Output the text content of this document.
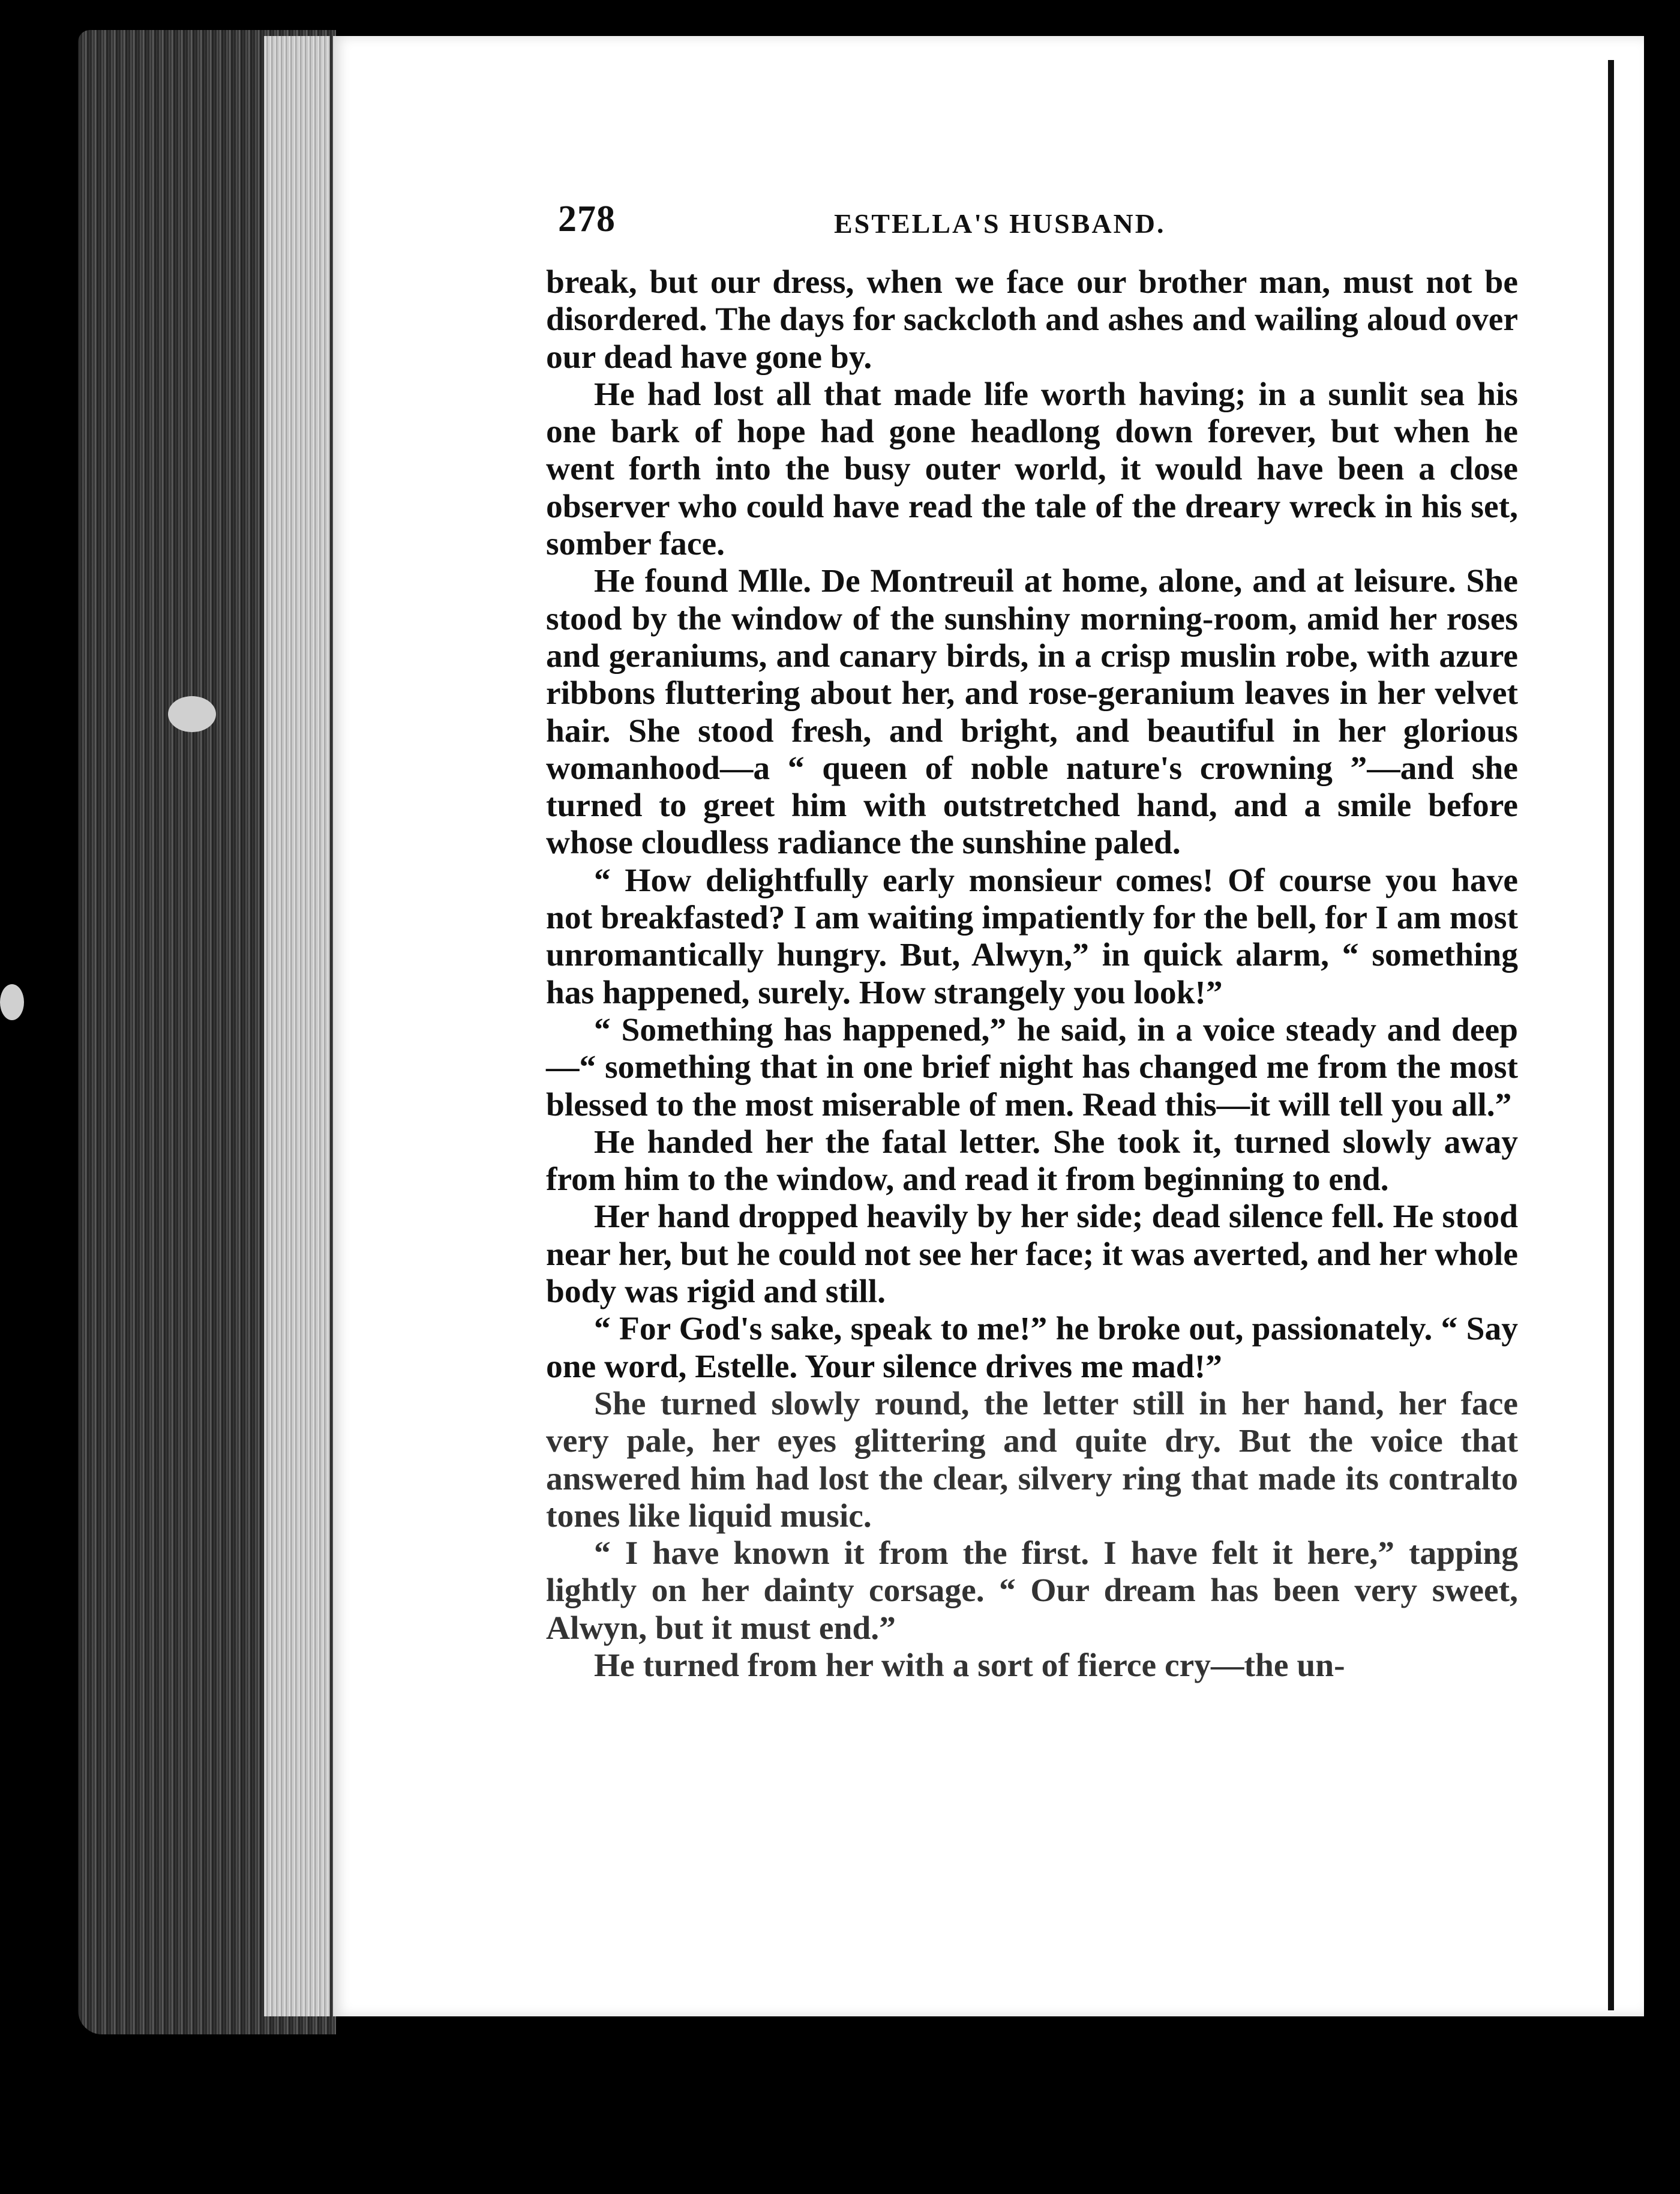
278	ESTELLA'S HUSBAND.

break, but our dress, when we face our brother man, must not be disordered. The days for sackcloth and ashes and wailing aloud over our dead have gone by.

He had lost all that made life worth having; in a sunlit sea his one bark of hope had gone headlong down forever, but when he went forth into the busy outer world, it would have been a close observer who could have read the tale of the dreary wreck in his set, somber face.

He found Mlle. De Montreuil at home, alone, and at leisure. She stood by the window of the sunshiny morning-room, amid her roses and geraniums, and canary birds, in a crisp muslin robe, with azure ribbons fluttering about her, and rose-geranium leaves in her velvet hair. She stood fresh, and bright, and beautiful in her glorious womanhood—a “ queen of noble nature's crowning ”—and she turned to greet him with outstretched hand, and a smile before whose cloudless radiance the sunshine paled.

“ How delightfully early monsieur comes! Of course you have not breakfasted? I am waiting impatiently for the bell, for I am most unromantically hungry. But, Alwyn,” in quick alarm, “ something has happened, surely. How strangely you look!”

“ Something has happened,” he said, in a voice steady and deep—“ something that in one brief night has changed me from the most blessed to the most miserable of men. Read this—it will tell you all.”

He handed her the fatal letter. She took it, turned slowly away from him to the window, and read it from beginning to end.

Her hand dropped heavily by her side; dead silence fell. He stood near her, but he could not see her face; it was averted, and her whole body was rigid and still.

“ For God's sake, speak to me!” he broke out, passionately. “ Say one word, Estelle. Your silence drives me mad!”

She turned slowly round, the letter still in her hand, her face very pale, her eyes glittering and quite dry. But the voice that answered him had lost the clear, silvery ring that made its contralto tones like liquid music.

“ I have known it from the first. I have felt it here,” tapping lightly on her dainty corsage. “ Our dream has been very sweet, Alwyn, but it must end.”

He turned from her with a sort of fierce cry—the un-
